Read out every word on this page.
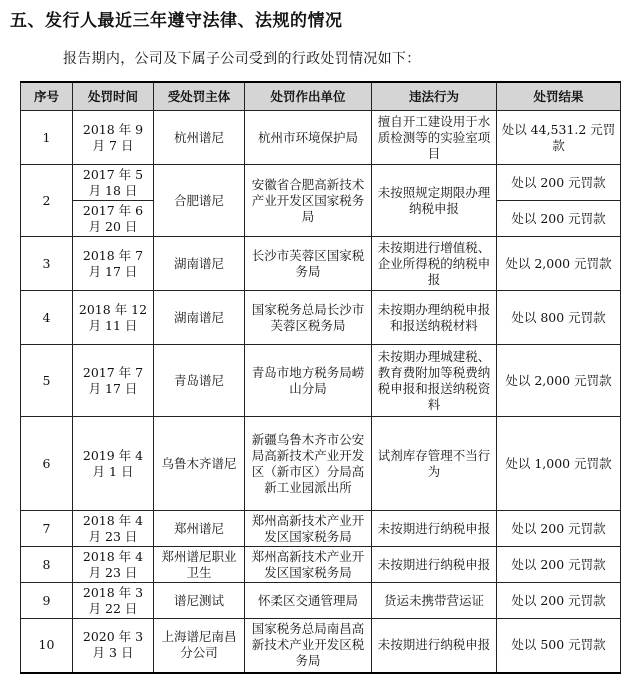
五、发行人最近三年遵守法律、法规的情况
报告期内，公司及下属子公司受到的行政处罚情况如下：
序号	处罚时间	受处罚主体	处罚作出单位	违法行为	处罚结果
1	2018 年 9 月 7 日	杭州谱尼	杭州市环境保护局	擅自开工建设用于水质检测等的实验室项目	处以 44,531.2 元罚款
2	2017 年 5 月 18 日	合肥谱尼	安徽省合肥高新技术产业开发区国家税务局	未按照规定期限办理纳税申报	处以 200 元罚款
	2017 年 6 月 20 日				处以 200 元罚款
3	2018 年 7 月 17 日	湖南谱尼	长沙市芙蓉区国家税务局	未按期进行增值税、企业所得税的纳税申报	处以 2,000 元罚款
4	2018 年 12 月 11 日	湖南谱尼	国家税务总局长沙市芙蓉区税务局	未按期办理纳税申报和报送纳税材料	处以 800 元罚款
5	2017 年 7 月 17 日	青岛谱尼	青岛市地方税务局崂山分局	未按期办理城建税、教育费附加等税费纳税申报和报送纳税资料	处以 2,000 元罚款
6	2019 年 4 月 1 日	乌鲁木齐谱尼	新疆乌鲁木齐市公安局高新技术产业开发区（新市区）分局高新工业园派出所	试剂库存管理不当行为	处以 1,000 元罚款
7	2018 年 4 月 23 日	郑州谱尼	郑州高新技术产业开发区国家税务局	未按期进行纳税申报	处以 200 元罚款
8	2018 年 4 月 23 日	郑州谱尼职业卫生	郑州高新技术产业开发区国家税务局	未按期进行纳税申报	处以 200 元罚款
9	2018 年 3 月 22 日	谱尼测试	怀柔区交通管理局	货运未携带营运证	处以 200 元罚款
10	2020 年 3 月 3 日	上海谱尼南昌分公司	国家税务总局南昌高新技术产业开发区税务局	未按期进行纳税申报	处以 500 元罚款
